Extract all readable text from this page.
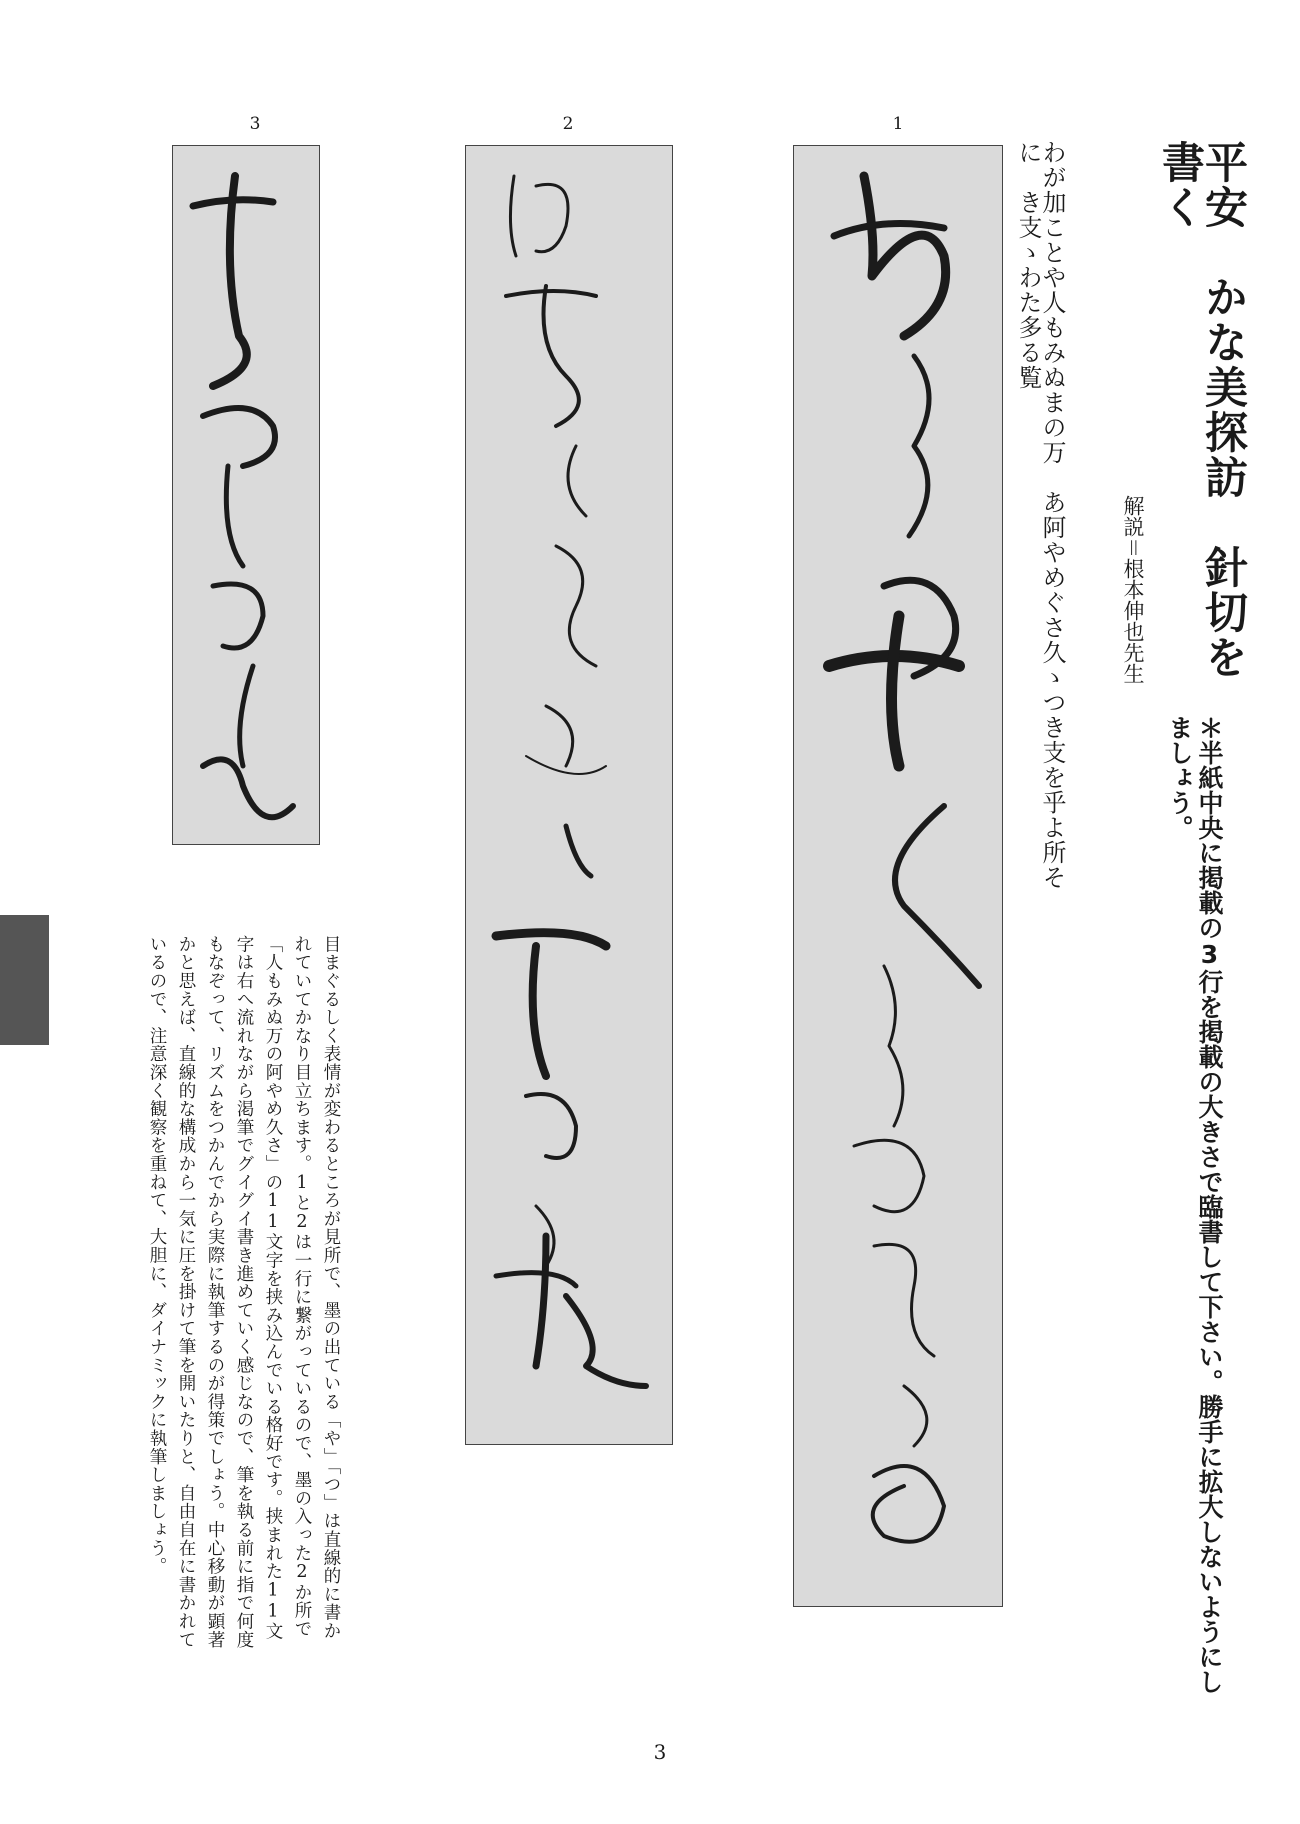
平安　かな美探訪　針切を書く
解説＝根本伸也先生
＊半紙中央に掲載の3行を掲載の大きさで臨書して下さい。勝手に拡大しないようにしましょう。
わが加ことや人もみぬまの万　あ阿やめぐさ久ゝつき支を乎よ所そに　き支ゝわた多る覧
1
2
3
目まぐるしく表情が変わるところが見所で、墨の出ている「や」「つ」は直線的に書かれていてかなり目立ちます。1と2は一行に繋がっているので、墨の入った2か所で「人もみぬ万の阿やめ久さ」の11文字を挟み込んでいる格好です。挟まれた11文字は右へ流れながら渇筆でグイグイ書き進めていく感じなので、筆を執る前に指で何度もなぞって、リズムをつかんでから実際に執筆するのが得策でしょう。中心移動が顕著かと思えば、直線的な構成から一気に圧を掛けて筆を開いたりと、自由自在に書かれているので、注意深く観察を重ねて、大胆に、ダイナミックに執筆しましょう。
3
